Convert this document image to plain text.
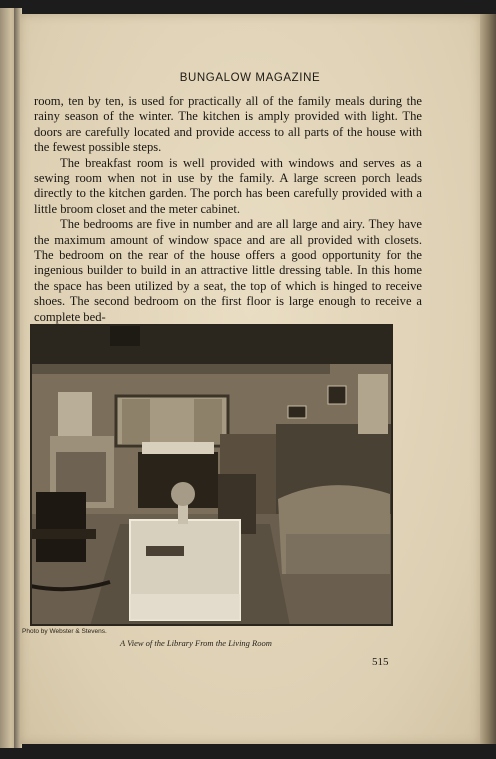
BUNGALOW MAGAZINE

room, ten by ten, is used for practically all of the family meals during the rainy season of the winter. The kitchen is amply provided with light. The doors are carefully located and provide access to all parts of the house with the fewest possible steps.

The breakfast room is well provided with windows and serves as a sewing room when not in use by the family. A large screen porch leads directly to the kitchen garden. The porch has been carefully provided with a little broom closet and the meter cabinet.

The bedrooms are five in number and are all large and airy. They have the maximum amount of window space and are all provided with closets. The bedroom on the rear of the house offers a good opportunity for the ingenious builder to build in an attractive little dressing table. In this home the space has been utilized by a seat, the top of which is hinged to receive shoes. The second bedroom on the first floor is large enough to receive a complete bed-

Photo by Webster & Stevens.
A View of the Library From the Living Room
515
